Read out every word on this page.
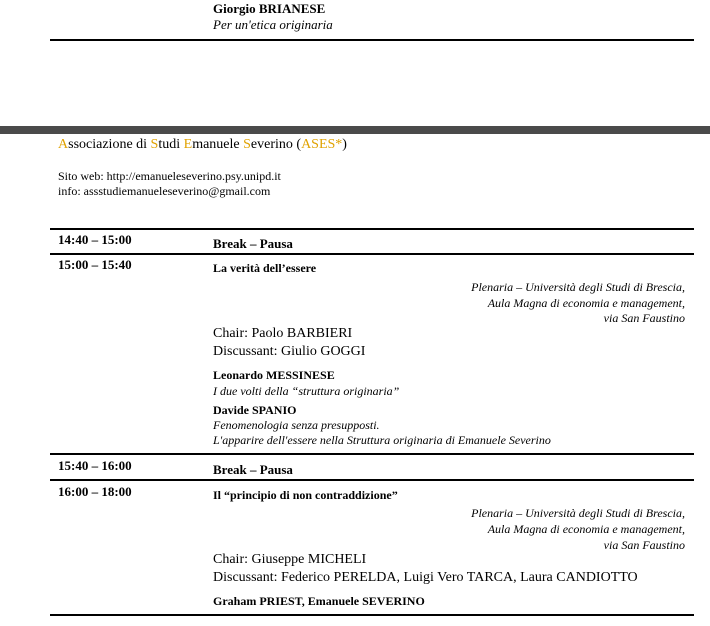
Giorgio BRIANESE
Per un'etica originaria
Associazione di Studi Emanuele Severino (ASES*)
Sito web: http://emanueleseverino.psy.unipd.it
info: assstudiemanueleseverino@gmail.com
14:40 – 15:00	Break – Pausa
15:00 – 15:40	La verità dell’essere
Plenaria – Università degli Studi di Brescia,
Aula Magna di economia e management,
via San Faustino
Chair: Paolo BARBIERI
Discussant: Giulio GOGGI
Leonardo MESSINESE
I due volti della “struttura originaria”
Davide SPANIO
Fenomenologia senza presupposti.
L'apparire dell'essere nella Struttura originaria di Emanuele Severino
15:40 – 16:00	Break – Pausa
16:00 – 18:00	Il “principio di non contraddizione”
Plenaria – Università degli Studi di Brescia,
Aula Magna di economia e management,
via San Faustino
Chair: Giuseppe MICHELI
Discussant: Federico PERELDA, Luigi Vero TARCA, Laura CANDIOTTO
Graham PRIEST, Emanuele SEVERINO
